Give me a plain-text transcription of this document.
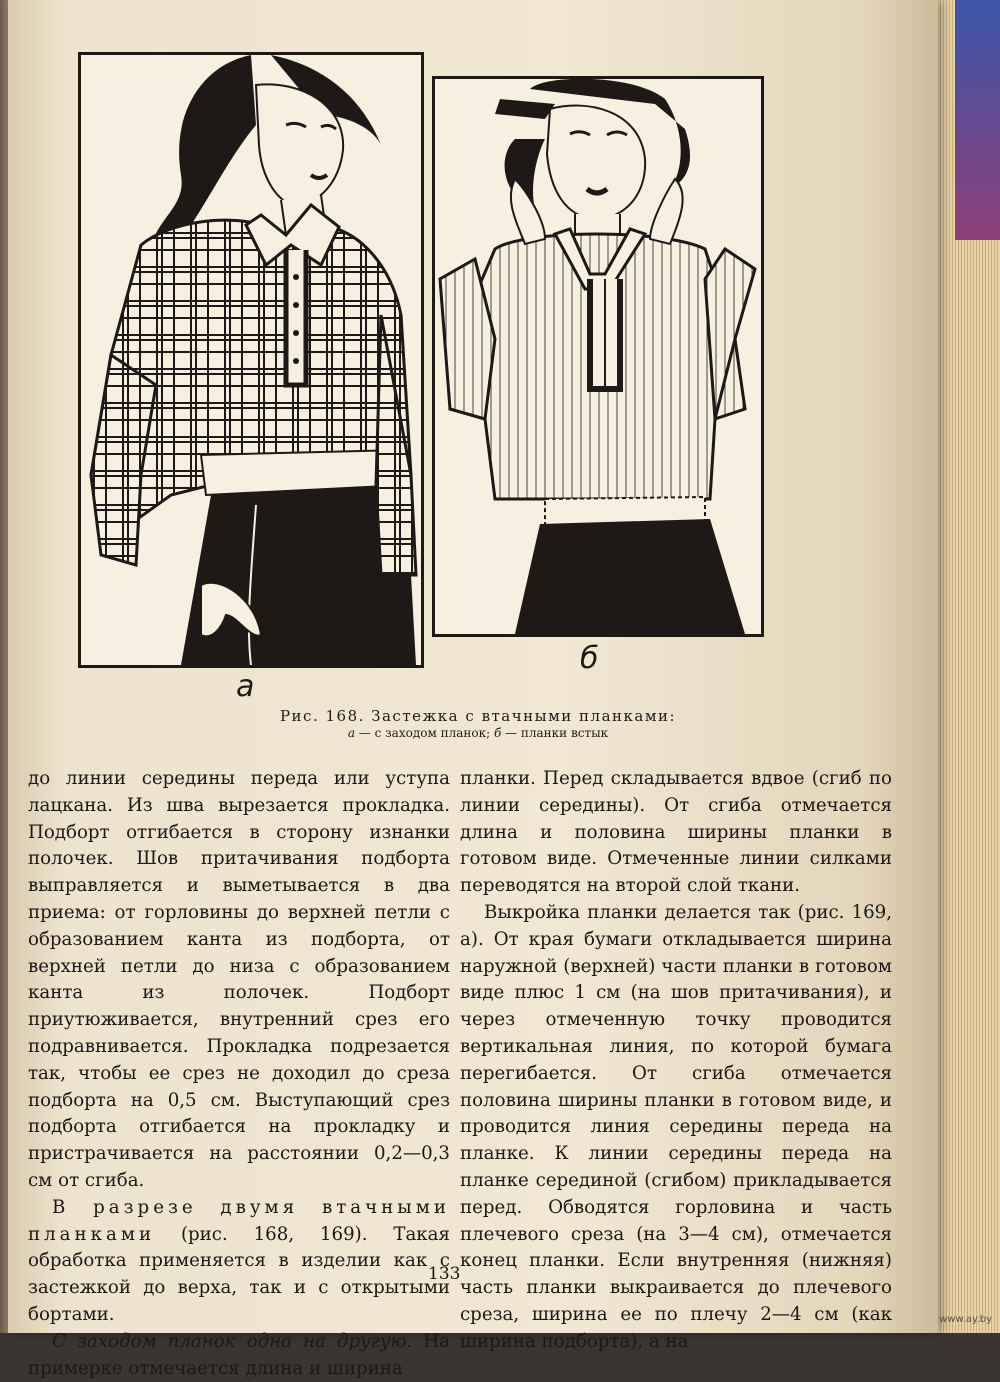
а
б
Рис. 168. Застежка с втачными планками:
а — с заходом планок; б — планки встык

до линии середины переда или уступа лацкана. Из шва вырезается прокладка. Подборт отгибается в сторону изнанки полочек. Шов притачивания подборта выправляется и выметывается в два приема: от горловины до верхней петли с образованием канта из подборта, от верхней петли до низа с образованием канта из полочек. Подборт приутюживается, внутренний срез его подравнивается. Прокладка подрезается так, чтобы ее срез не доходил до среза подборта на 0,5 см. Выступающий срез подборта отгибается на прокладку и пристрачивается на расстоянии 0,2—0,3 см от сгиба.

В разрезе двумя втачными планками (рис. 168, 169). Такая обработка применяется в изделии как с застежкой до верха, так и с открытыми бортами.

С заходом планок одна на другую. На примерке отмечается длина и ширина

планки. Перед складывается вдвое (сгиб по линии середины). От сгиба отмечается длина и половина ширины планки в готовом виде. Отмеченные линии силками переводятся на второй слой ткани.

Выкройка планки делается так (рис. 169, а). От края бумаги откладывается ширина наружной (верхней) части планки в готовом виде плюс 1 см (на шов притачивания), и через отмеченную точку проводится вертикальная линия, по которой бумага перегибается. От сгиба отмечается половина ширины планки в готовом виде, и проводится линия середины переда на планке. К линии середины переда на планке серединой (сгибом) прикладывается перед. Обводятся горловина и часть плечевого среза (на 3—4 см), отмечается конец планки. Если внутренняя (нижняя) часть планки выкраивается до плечевого среза, ширина ее по плечу 2—4 см (как ширина подборта), а на

133
www.ay.by
